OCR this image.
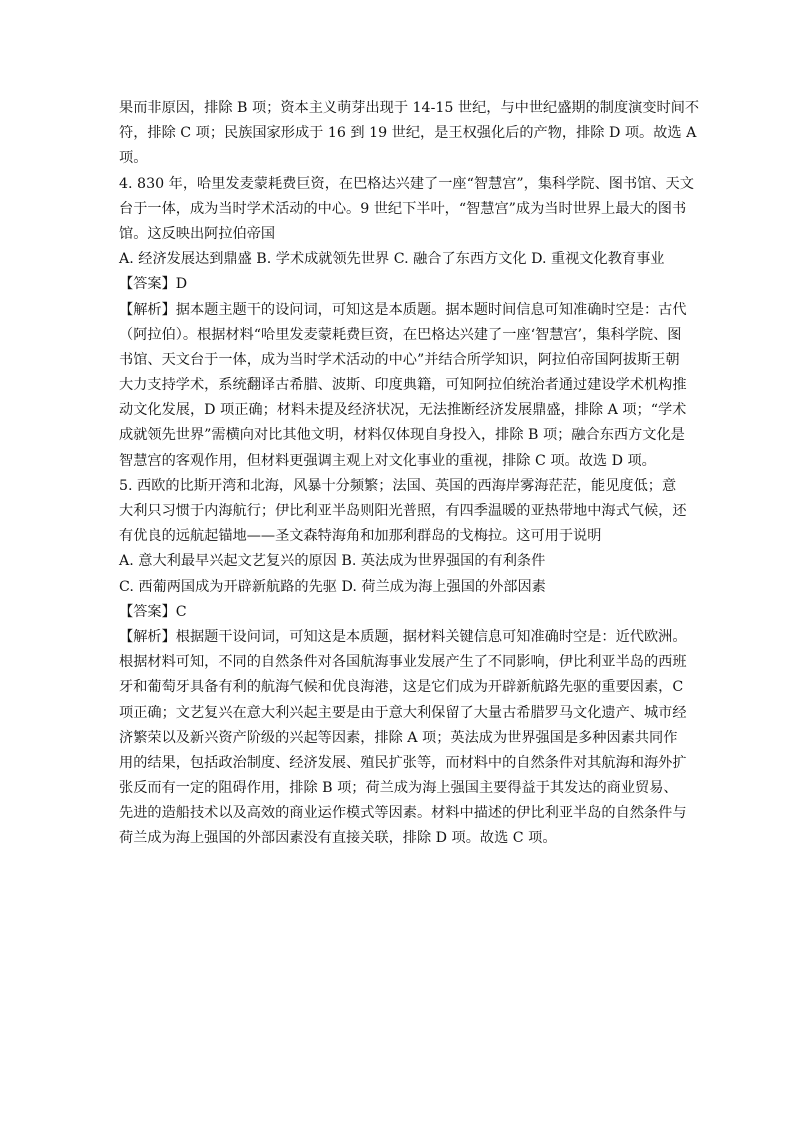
果而非原因，排除 B 项；资本主义萌芽出现于 14-15 世纪，与中世纪盛期的制度演变时间不
符，排除 C 项；民族国家形成于 16 到 19 世纪，是王权强化后的产物，排除 D 项。故选 A
项。
4. 830 年，哈里发麦蒙耗费巨资，在巴格达兴建了一座“智慧宫”，集科学院、图书馆、天文
台于一体，成为当时学术活动的中心。9 世纪下半叶，“智慧宫”成为当时世界上最大的图书
馆。这反映出阿拉伯帝国
A. 经济发展达到鼎盛 B. 学术成就领先世界 C. 融合了东西方文化 D. 重视文化教育事业
【答案】D
【解析】据本题主题干的设问词，可知这是本质题。据本题时间信息可知准确时空是：古代
（阿拉伯）。根据材料“哈里发麦蒙耗费巨资，在巴格达兴建了一座‘智慧宫’，集科学院、图
书馆、天文台于一体，成为当时学术活动的中心”并结合所学知识，阿拉伯帝国阿拔斯王朝
大力支持学术，系统翻译古希腊、波斯、印度典籍，可知阿拉伯统治者通过建设学术机构推
动文化发展，D 项正确；材料未提及经济状况，无法推断经济发展鼎盛，排除 A 项；“学术
成就领先世界”需横向对比其他文明，材料仅体现自身投入，排除 B 项；融合东西方文化是
智慧宫的客观作用，但材料更强调主观上对文化事业的重视，排除 C 项。故选 D 项。
5. 西欧的比斯开湾和北海，风暴十分频繁；法国、英国的西海岸雾海茫茫，能见度低；意
大利只习惯于内海航行；伊比利亚半岛则阳光普照，有四季温暖的亚热带地中海式气候，还
有优良的远航起锚地——圣文森特海角和加那利群岛的戈梅拉。这可用于说明
A. 意大利最早兴起文艺复兴的原因 B. 英法成为世界强国的有利条件
C. 西葡两国成为开辟新航路的先驱 D. 荷兰成为海上强国的外部因素
【答案】C
【解析】根据题干设问词，可知这是本质题，据材料关键信息可知准确时空是：近代欧洲。
根据材料可知，不同的自然条件对各国航海事业发展产生了不同影响，伊比利亚半岛的西班
牙和葡萄牙具备有利的航海气候和优良海港，这是它们成为开辟新航路先驱的重要因素，C
项正确；文艺复兴在意大利兴起主要是由于意大利保留了大量古希腊罗马文化遗产、城市经
济繁荣以及新兴资产阶级的兴起等因素，排除 A 项；英法成为世界强国是多种因素共同作
用的结果，包括政治制度、经济发展、殖民扩张等，而材料中的自然条件对其航海和海外扩
张反而有一定的阻碍作用，排除 B 项；荷兰成为海上强国主要得益于其发达的商业贸易、
先进的造船技术以及高效的商业运作模式等因素。材料中描述的伊比利亚半岛的自然条件与
荷兰成为海上强国的外部因素没有直接关联，排除 D 项。故选 C 项。
